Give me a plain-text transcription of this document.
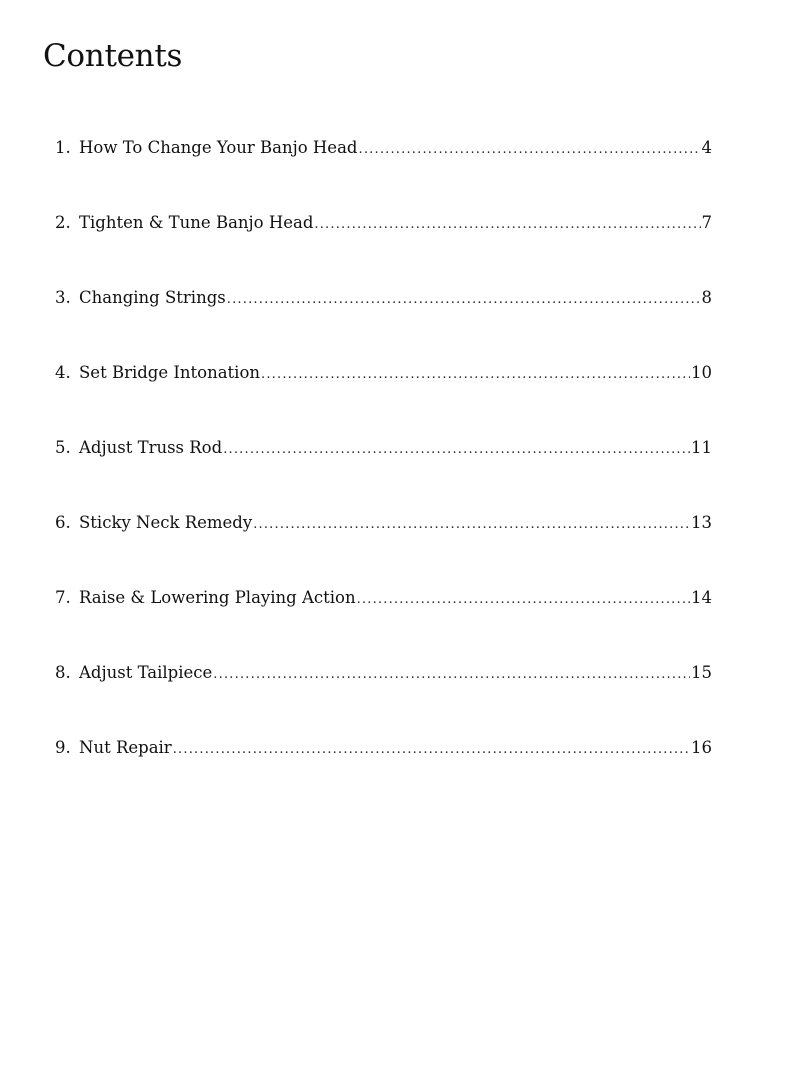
Contents
1. How To Change Your Banjo Head .....	4
2. Tighten & Tune Banjo Head .....	7
3. Changing Strings .....	8
4. Set Bridge Intonation .....	10
5. Adjust Truss Rod .....	11
6. Sticky Neck Remedy .....	13
7. Raise & Lowering Playing Action .....	14
8. Adjust Tailpiece .....	15
9. Nut Repair .....	16
